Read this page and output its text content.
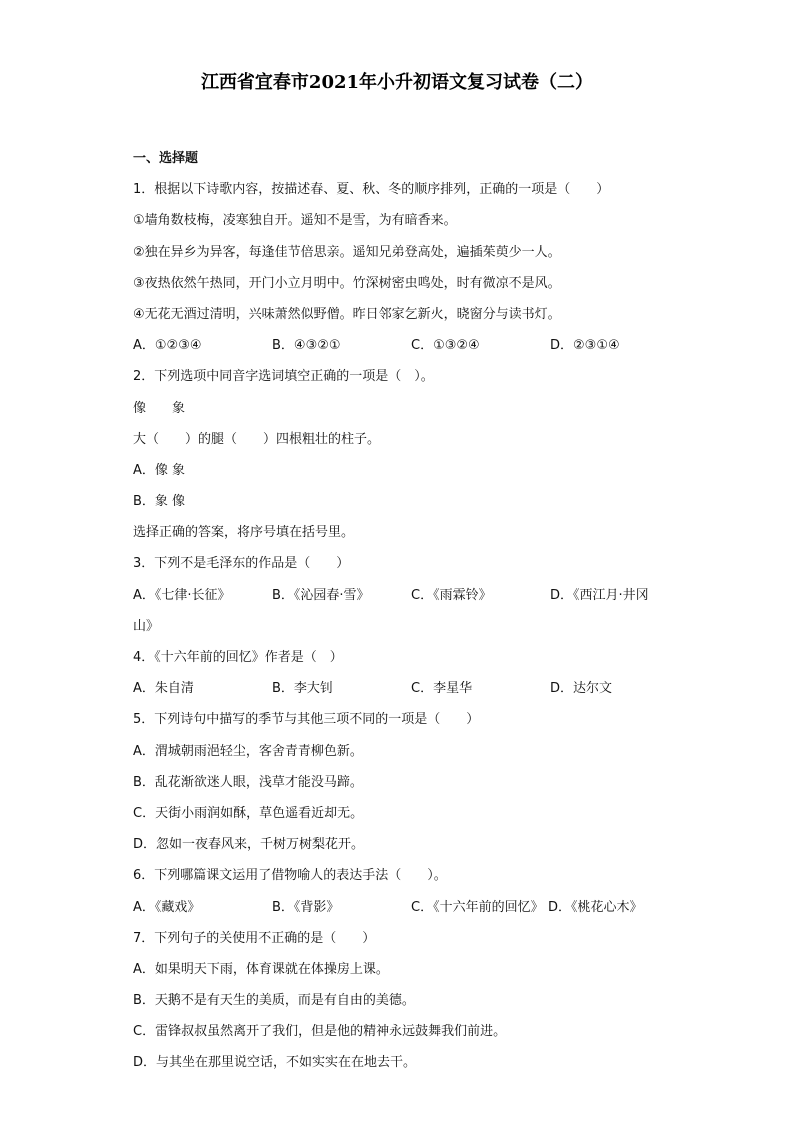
江西省宜春市2021年小升初语文复习试卷（二）
一、选择题
1．根据以下诗歌内容，按描述春、夏、秋、冬的顺序排列，正确的一项是（　　）
①墙角数枝梅，凌寒独自开。遥知不是雪，为有暗香来。
②独在异乡为异客，每逢佳节倍思亲。遥知兄弟登高处，遍插茱萸少一人。
③夜热依然午热同，开门小立月明中。竹深树密虫鸣处，时有微凉不是风。
④无花无酒过清明，兴味萧然似野僧。昨日邻家乞新火，晓窗分与读书灯。
A．①②③④	B．④③②①	C．①③②④	D．②③①④
2．下列选项中同音字选词填空正确的一项是（　）。
像　　象
大（　　）的腿（　　）四根粗壮的柱子。
A．像 象
B．象 像
选择正确的答案，将序号填在括号里。
3．下列不是毛泽东的作品是（　　）
A．《七律·长征》	B．《沁园春·雪》	C．《雨霖铃》	D．《西江月·井冈
山》
4．《十六年前的回忆》作者是（　）
A．朱自清	B．李大钊	C．李星华	D．达尔文
5．下列诗句中描写的季节与其他三项不同的一项是（　　）
A．渭城朝雨浥轻尘，客舍青青柳色新。
B．乱花渐欲迷人眼，浅草才能没马蹄。
C．天街小雨润如酥，草色遥看近却无。
D．忽如一夜春风来，千树万树梨花开。
6．下列哪篇课文运用了借物喻人的表达手法（　　）。
A．《藏戏》	B．《背影》	C．《十六年前的回忆》 D．《桃花心木》
7．下列句子的关使用不正确的是（　　）
A．如果明天下雨，体育课就在体操房上课。
B．天鹅不是有天生的美质，而是有自由的美德。
C．雷锋叔叔虽然离开了我们，但是他的精神永远鼓舞我们前进。
D．与其坐在那里说空话，不如实实在在地去干。
